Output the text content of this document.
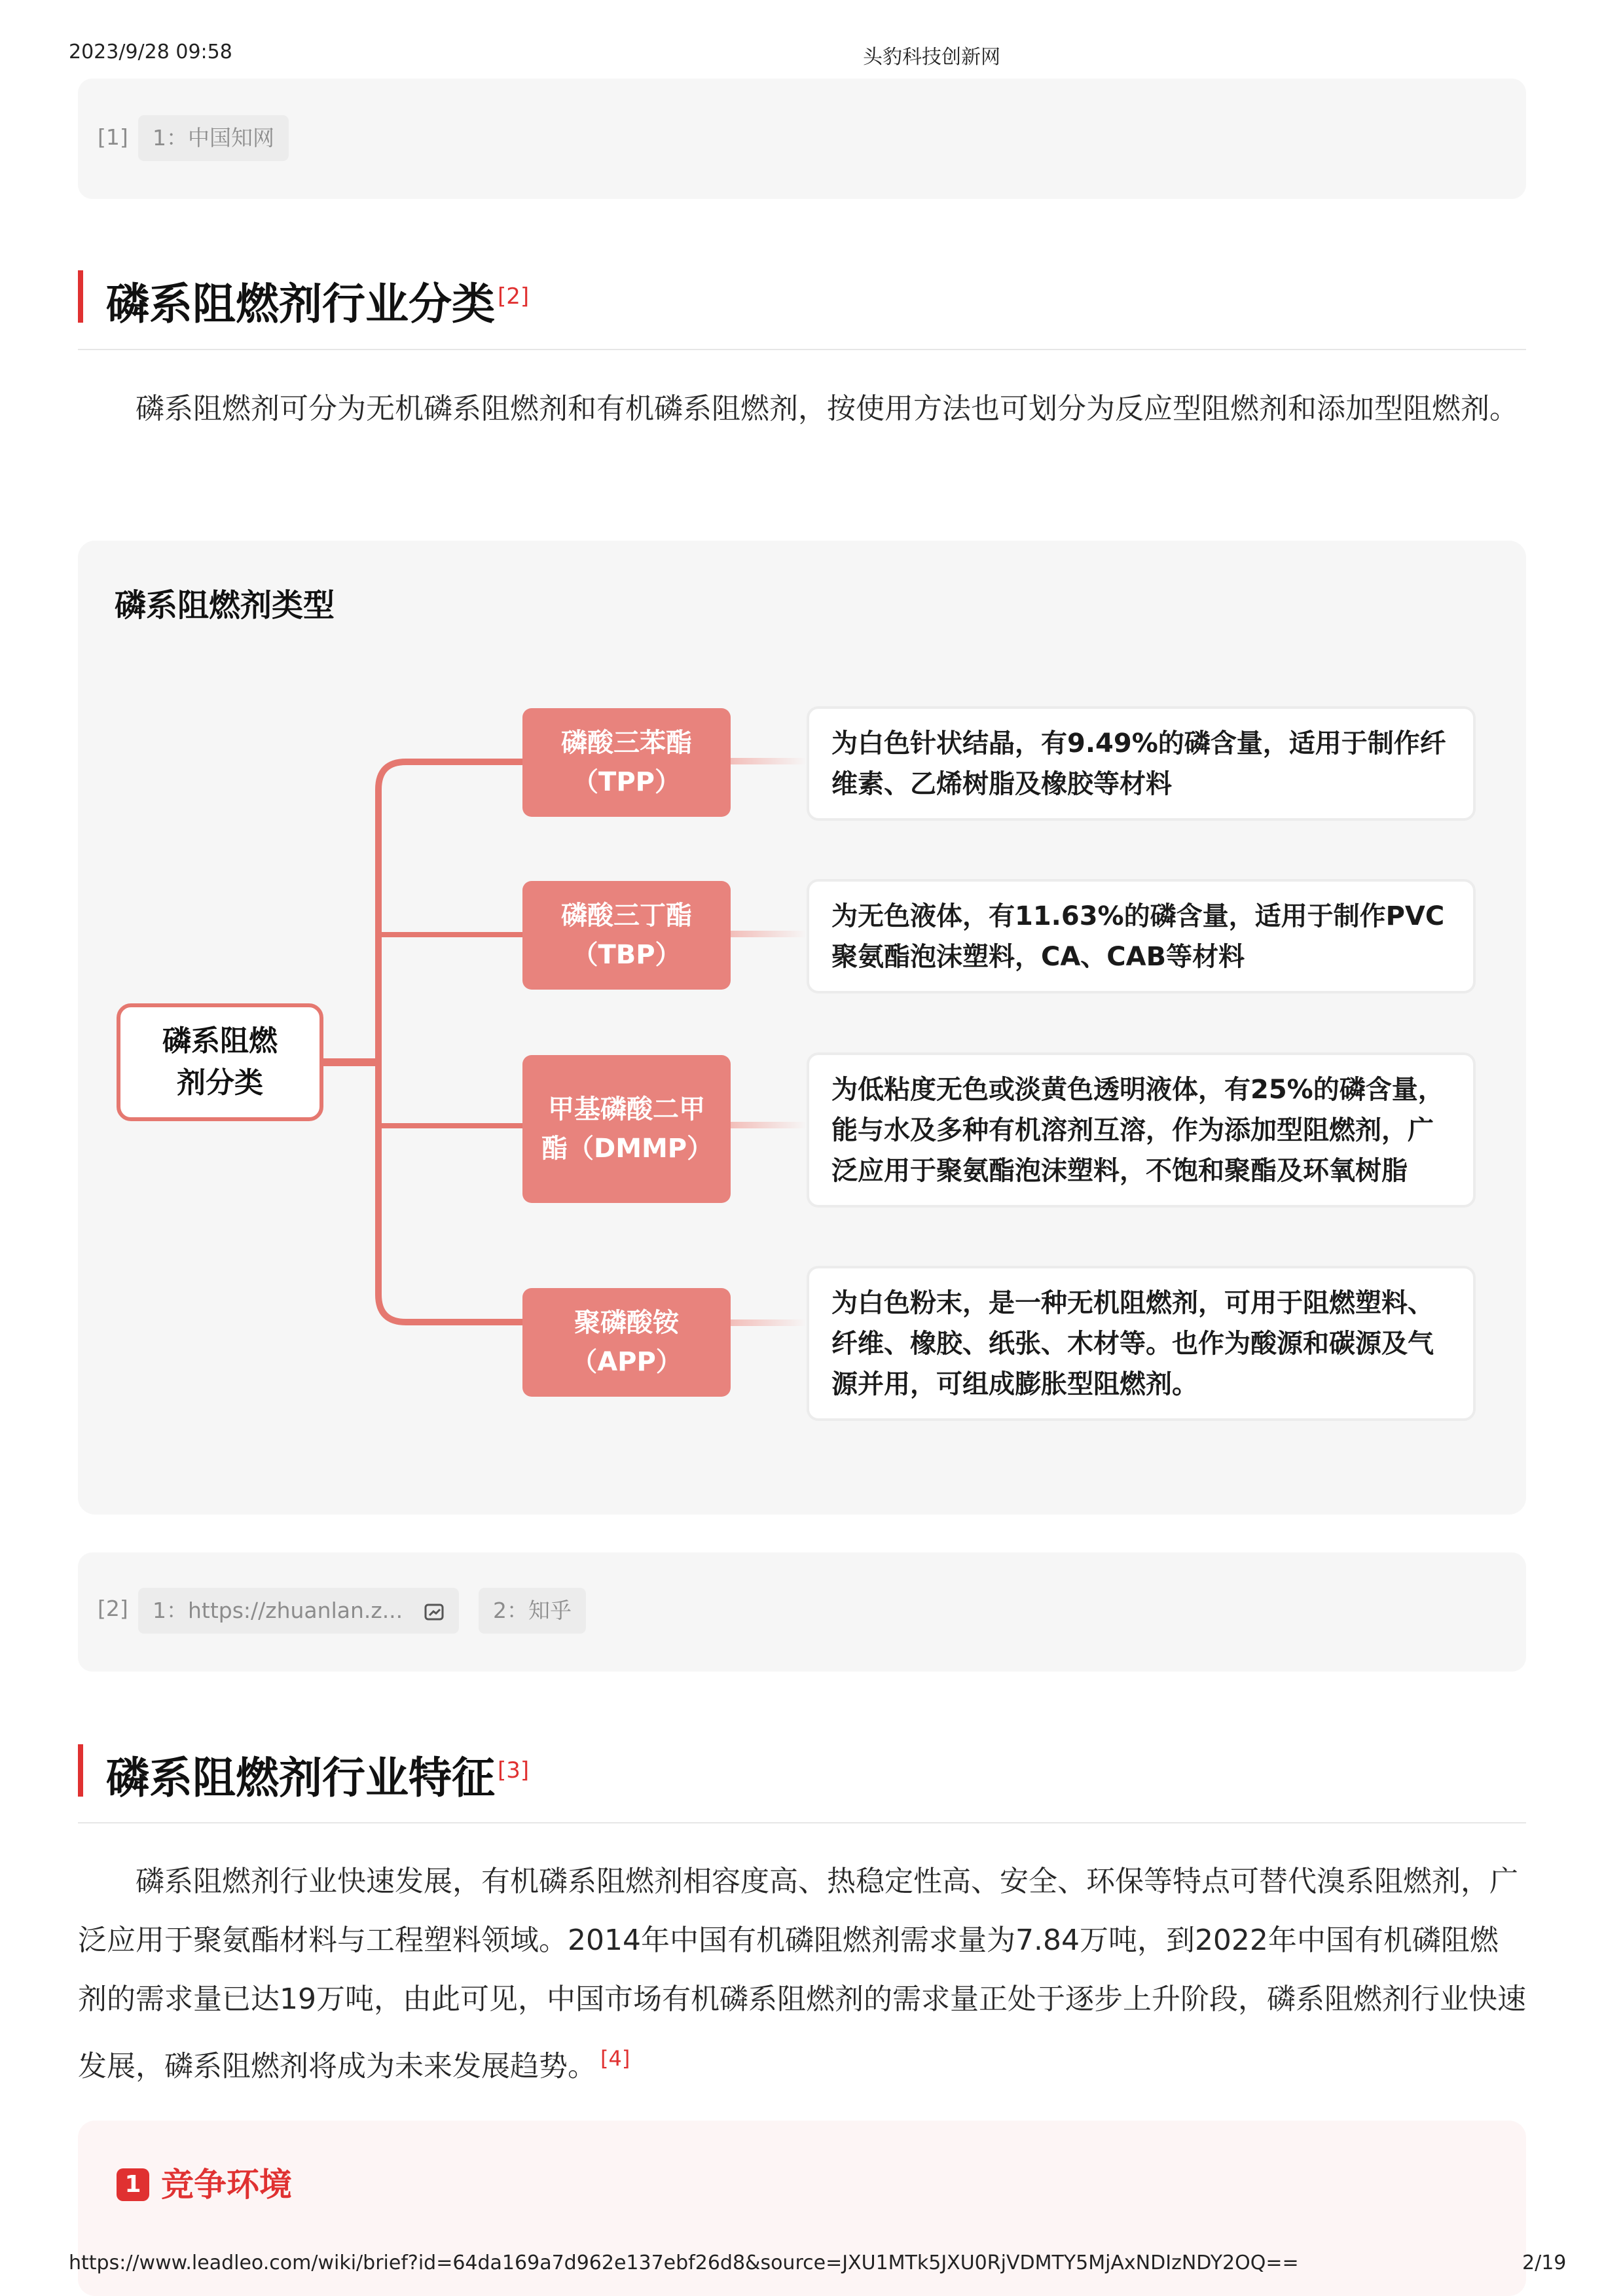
2023/9/28 09:58	头豹科技创新网
[1]	1：中国知网
磷系阻燃剂行业分类 [2]
磷系阻燃剂可分为无机磷系阻燃剂和有机磷系阻燃剂，按使用方法也可划分为反应型阻燃剂和添加型阻燃剂。
磷系阻燃剂类型
磷系阻燃剂分类
磷酸三苯酯（TPP）
磷酸三丁酯（TBP）
甲基磷酸二甲酯（DMMP）
聚磷酸铵（APP）
为白色针状结晶，有9.49%的磷含量，适用于制作纤维素、乙烯树脂及橡胶等材料
为无色液体，有11.63%的磷含量，适用于制作PVC聚氨酯泡沫塑料，CA、CAB等材料
为低粘度无色或淡黄色透明液体，有25%的磷含量，能与水及多种有机溶剂互溶，作为添加型阻燃剂，广泛应用于聚氨酯泡沫塑料，不饱和聚酯及环氧树脂
为白色粉末，是一种无机阻燃剂，可用于阻燃塑料、纤维、橡胶、纸张、木材等。也作为酸源和碳源及气源并用，可组成膨胀型阻燃剂。
[2]	1：https://zhuanlan.z...	2：知乎
磷系阻燃剂行业特征 [3]
磷系阻燃剂行业快速发展，有机磷系阻燃剂相容度高、热稳定性高、安全、环保等特点可替代溴系阻燃剂，广泛应用于聚氨酯材料与工程塑料领域。2014年中国有机磷阻燃剂需求量为7.84万吨，到2022年中国有机磷阻燃剂的需求量已达19万吨，由此可见，中国市场有机磷系阻燃剂的需求量正处于逐步上升阶段，磷系阻燃剂行业快速发展，磷系阻燃剂将成为未来发展趋势。 [4]
1 竞争环境
https://www.leadleo.com/wiki/brief?id=64da169a7d962e137ebf26d8&source=JXU1MTk5JXU0RjVDMTY5MjAxNDIzNDY2OQ==	2/19
